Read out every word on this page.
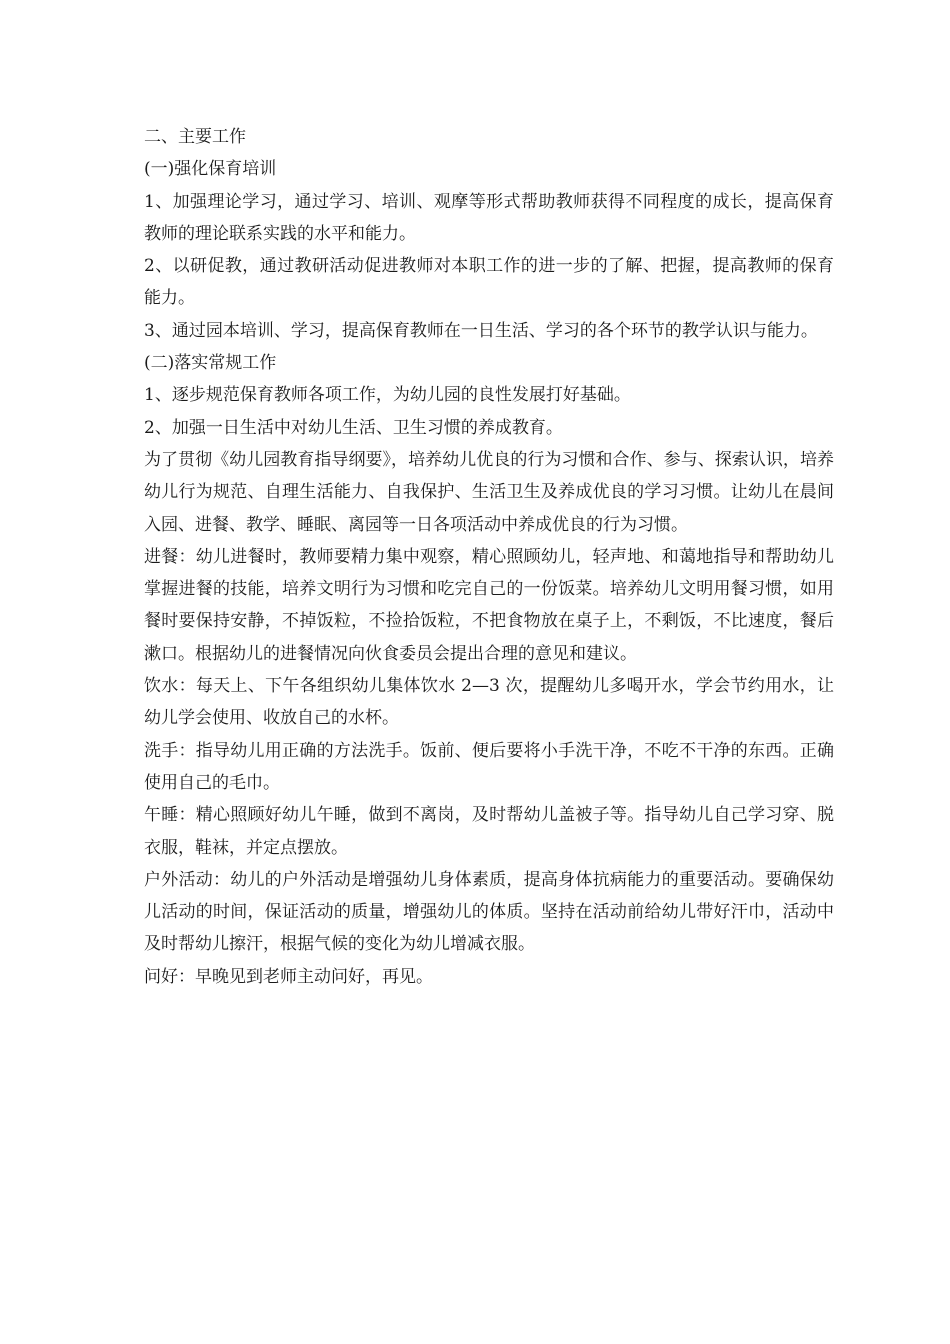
二、主要工作

(一)强化保育培训

1、加强理论学习，通过学习、培训、观摩等形式帮助教师获得不同程度的成长，提高保育教师的理论联系实践的水平和能力。

2、以研促教，通过教研活动促进教师对本职工作的进一步的了解、把握，提高教师的保育能力。

3、通过园本培训、学习，提高保育教师在一日生活、学习的各个环节的教学认识与能力。

(二)落实常规工作

1、逐步规范保育教师各项工作，为幼儿园的良性发展打好基础。

2、加强一日生活中对幼儿生活、卫生习惯的养成教育。

为了贯彻《幼儿园教育指导纲要》，培养幼儿优良的行为习惯和合作、参与、探索认识，培养幼儿行为规范、自理生活能力、自我保护、生活卫生及养成优良的学习习惯。让幼儿在晨间入园、进餐、教学、睡眠、离园等一日各项活动中养成优良的行为习惯。

进餐：幼儿进餐时，教师要精力集中观察，精心照顾幼儿，轻声地、和蔼地指导和帮助幼儿掌握进餐的技能，培养文明行为习惯和吃完自己的一份饭菜。培养幼儿文明用餐习惯，如用餐时要保持安静，不掉饭粒，不捡拾饭粒，不把食物放在桌子上，不剩饭，不比速度，餐后漱口。根据幼儿的进餐情况向伙食委员会提出合理的意见和建议。

饮水：每天上、下午各组织幼儿集体饮水 2—3 次，提醒幼儿多喝开水，学会节约用水，让幼儿学会使用、收放自己的水杯。

洗手：指导幼儿用正确的方法洗手。饭前、便后要将小手洗干净，不吃不干净的东西。正确使用自己的毛巾。

午睡：精心照顾好幼儿午睡，做到不离岗，及时帮幼儿盖被子等。指导幼儿自己学习穿、脱衣服，鞋袜，并定点摆放。

户外活动：幼儿的户外活动是增强幼儿身体素质，提高身体抗病能力的重要活动。要确保幼儿活动的时间，保证活动的质量，增强幼儿的体质。坚持在活动前给幼儿带好汗巾，活动中及时帮幼儿擦汗，根据气候的变化为幼儿增减衣服。

问好：早晚见到老师主动问好，再见。
